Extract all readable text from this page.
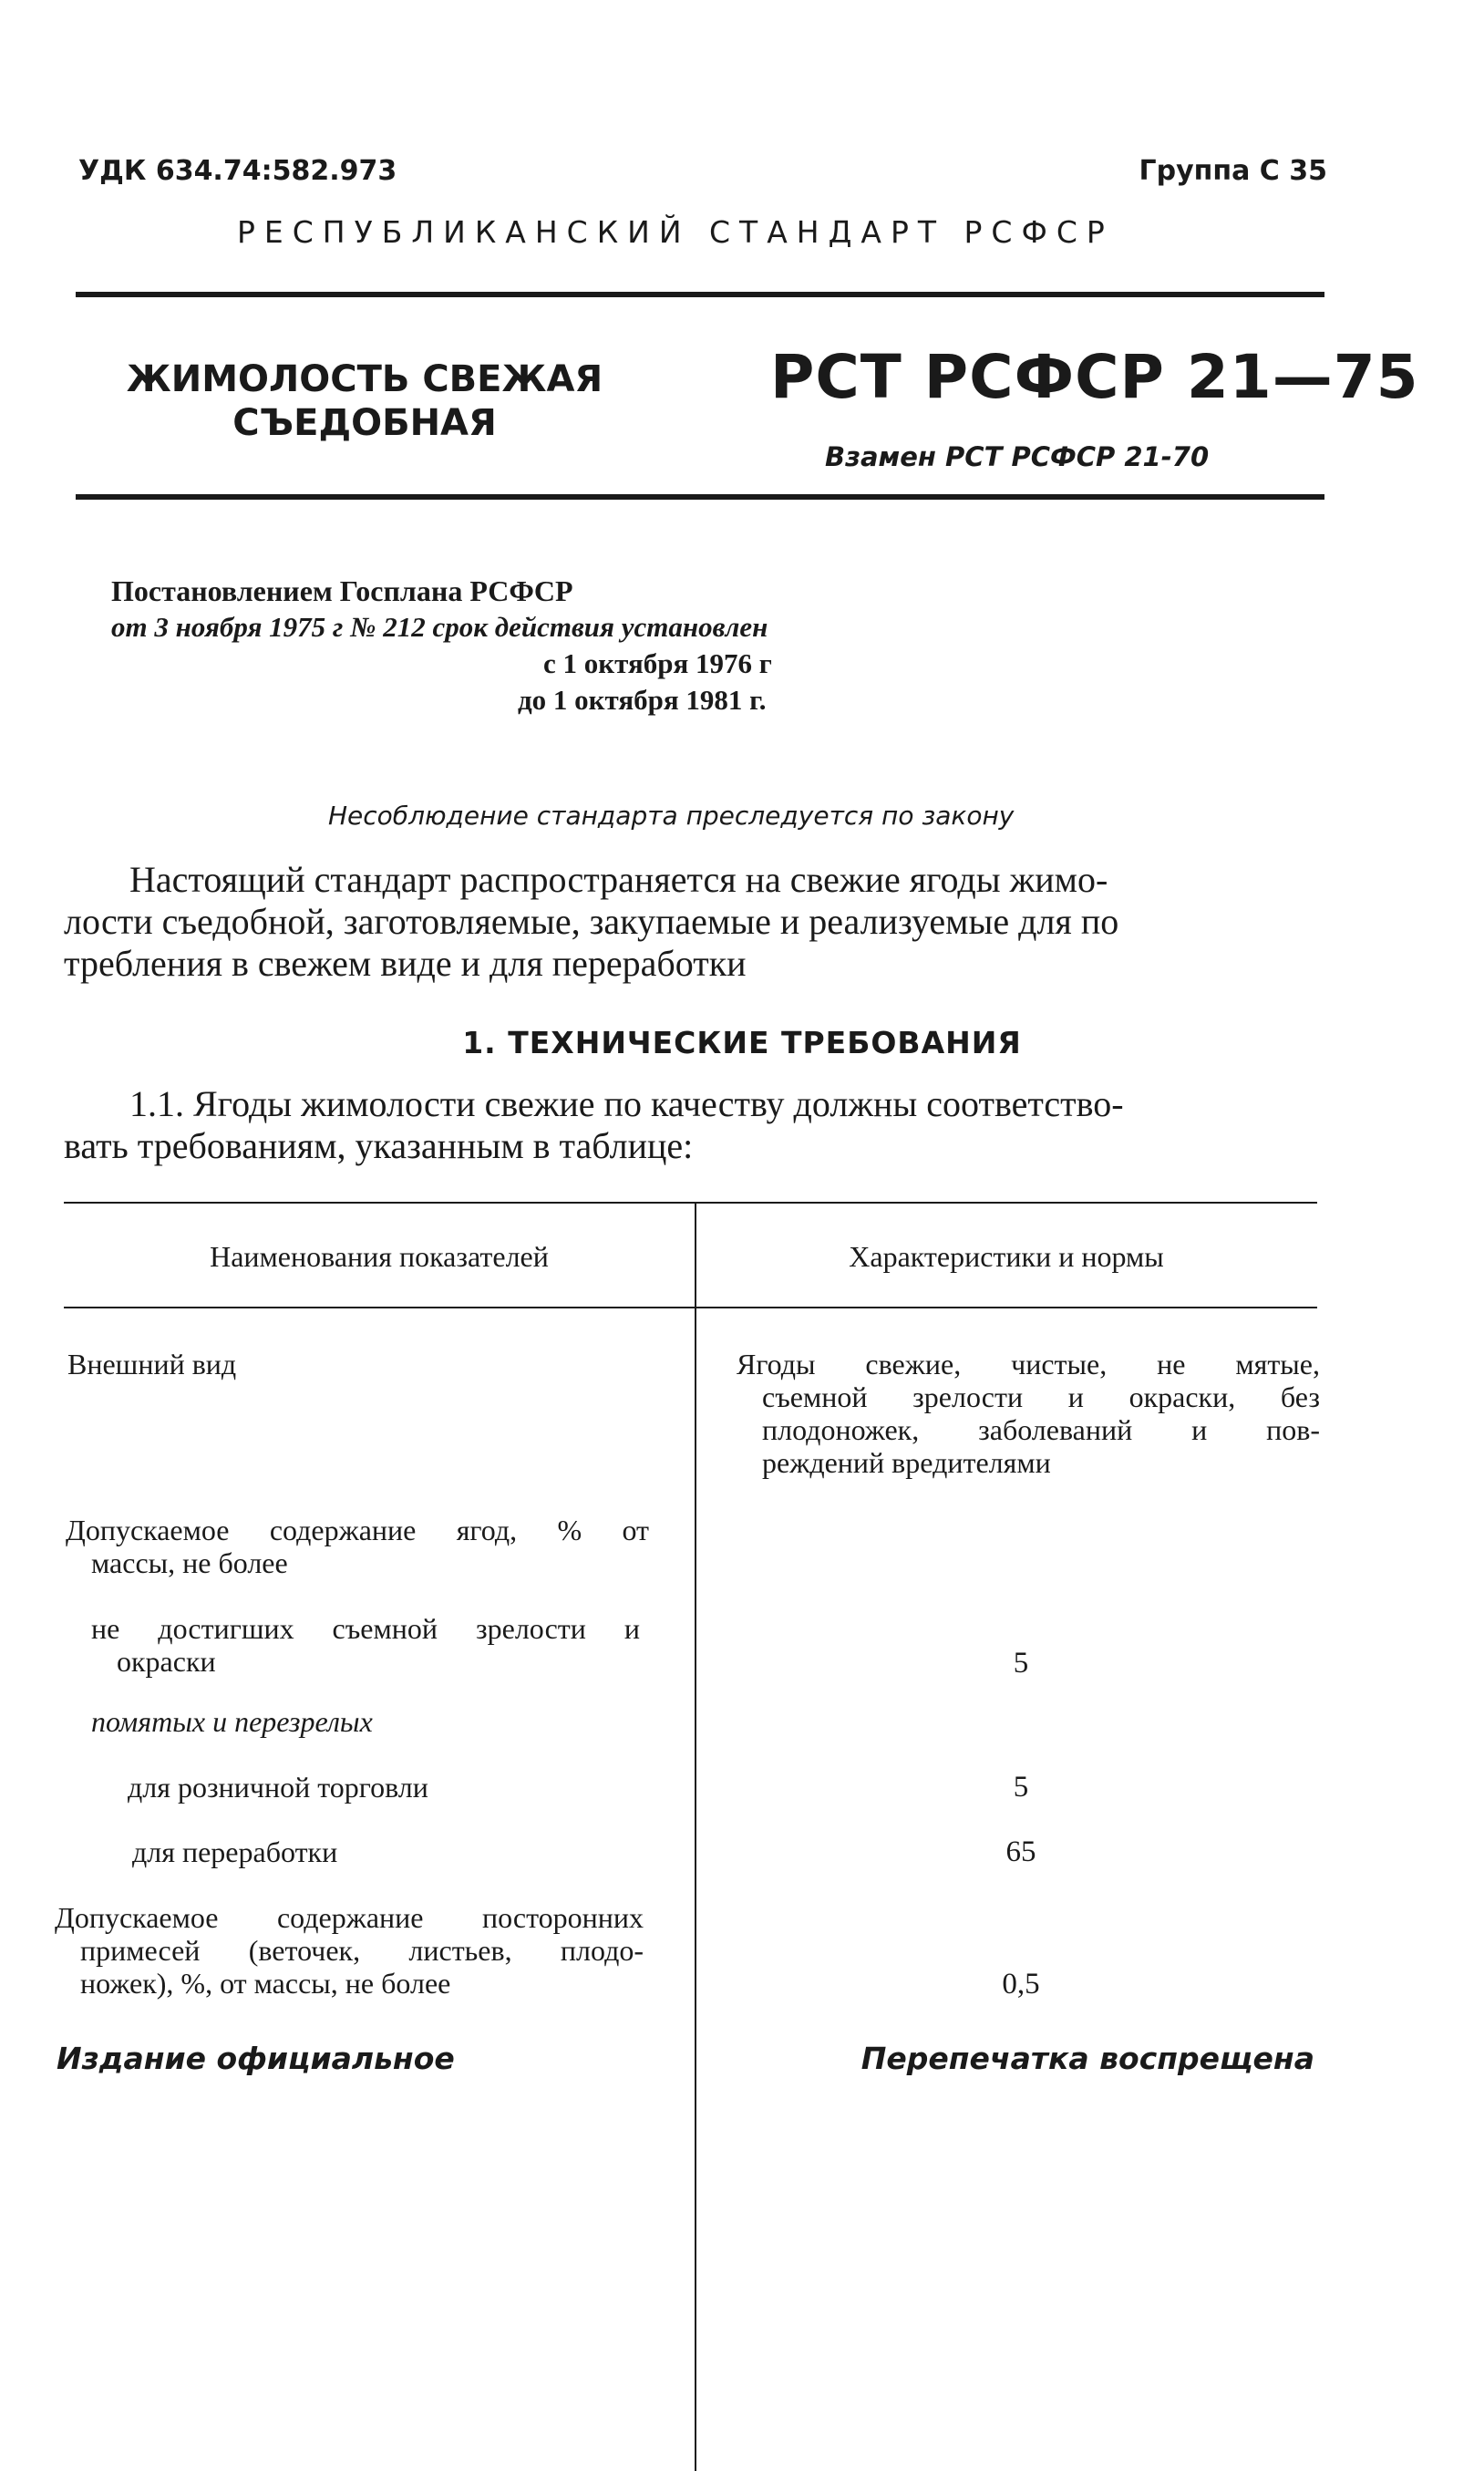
УДК 634.74:582.973	Группа С 35
РЕСПУБЛИКАНСКИЙ СТАНДАРТ РСФСР
ЖИМОЛОСТЬ СВЕЖАЯ
СЪЕДОБНАЯ
РСТ РСФСР 21—75
Взамен РСТ РСФСР 21-70
Постановлением Госплана РСФСР
от 3 ноября 1975 г № 212 срок действия установлен
с 1 октября 1976 г
до 1 октября 1981 г.
Несоблюдение стандарта преследуется по закону
Настоящий стандарт распространяется на свежие ягоды жимо-
лости съедобной, заготовляемые, закупаемые и реализуемые для по
требления в свежем виде и для переработки
1. ТЕХНИЧЕСКИЕ ТРЕБОВАНИЯ
1.1. Ягоды жимолости свежие по качеству должны соответство-
вать требованиям, указанным в таблице:
Наименования показателей	Характеристики и нормы
Внешний вид	Ягоды свежие, чистые, не мятые,
съемной зрелости и окраски, без
плодоножек, заболеваний и пов-
реждений вредителями
Допускаемое содержание ягод, % от
массы, не более
не достигших съемной зрелости и
окраски	5
помятых и перезрелых
для розничной торговли	5
для переработки	65
Допускаемое содержание посторонних
примесей (веточек, листьев, плодо-
ножек), %, от массы, не более	0,5
Издание официальное	Перепечатка воспрещена
